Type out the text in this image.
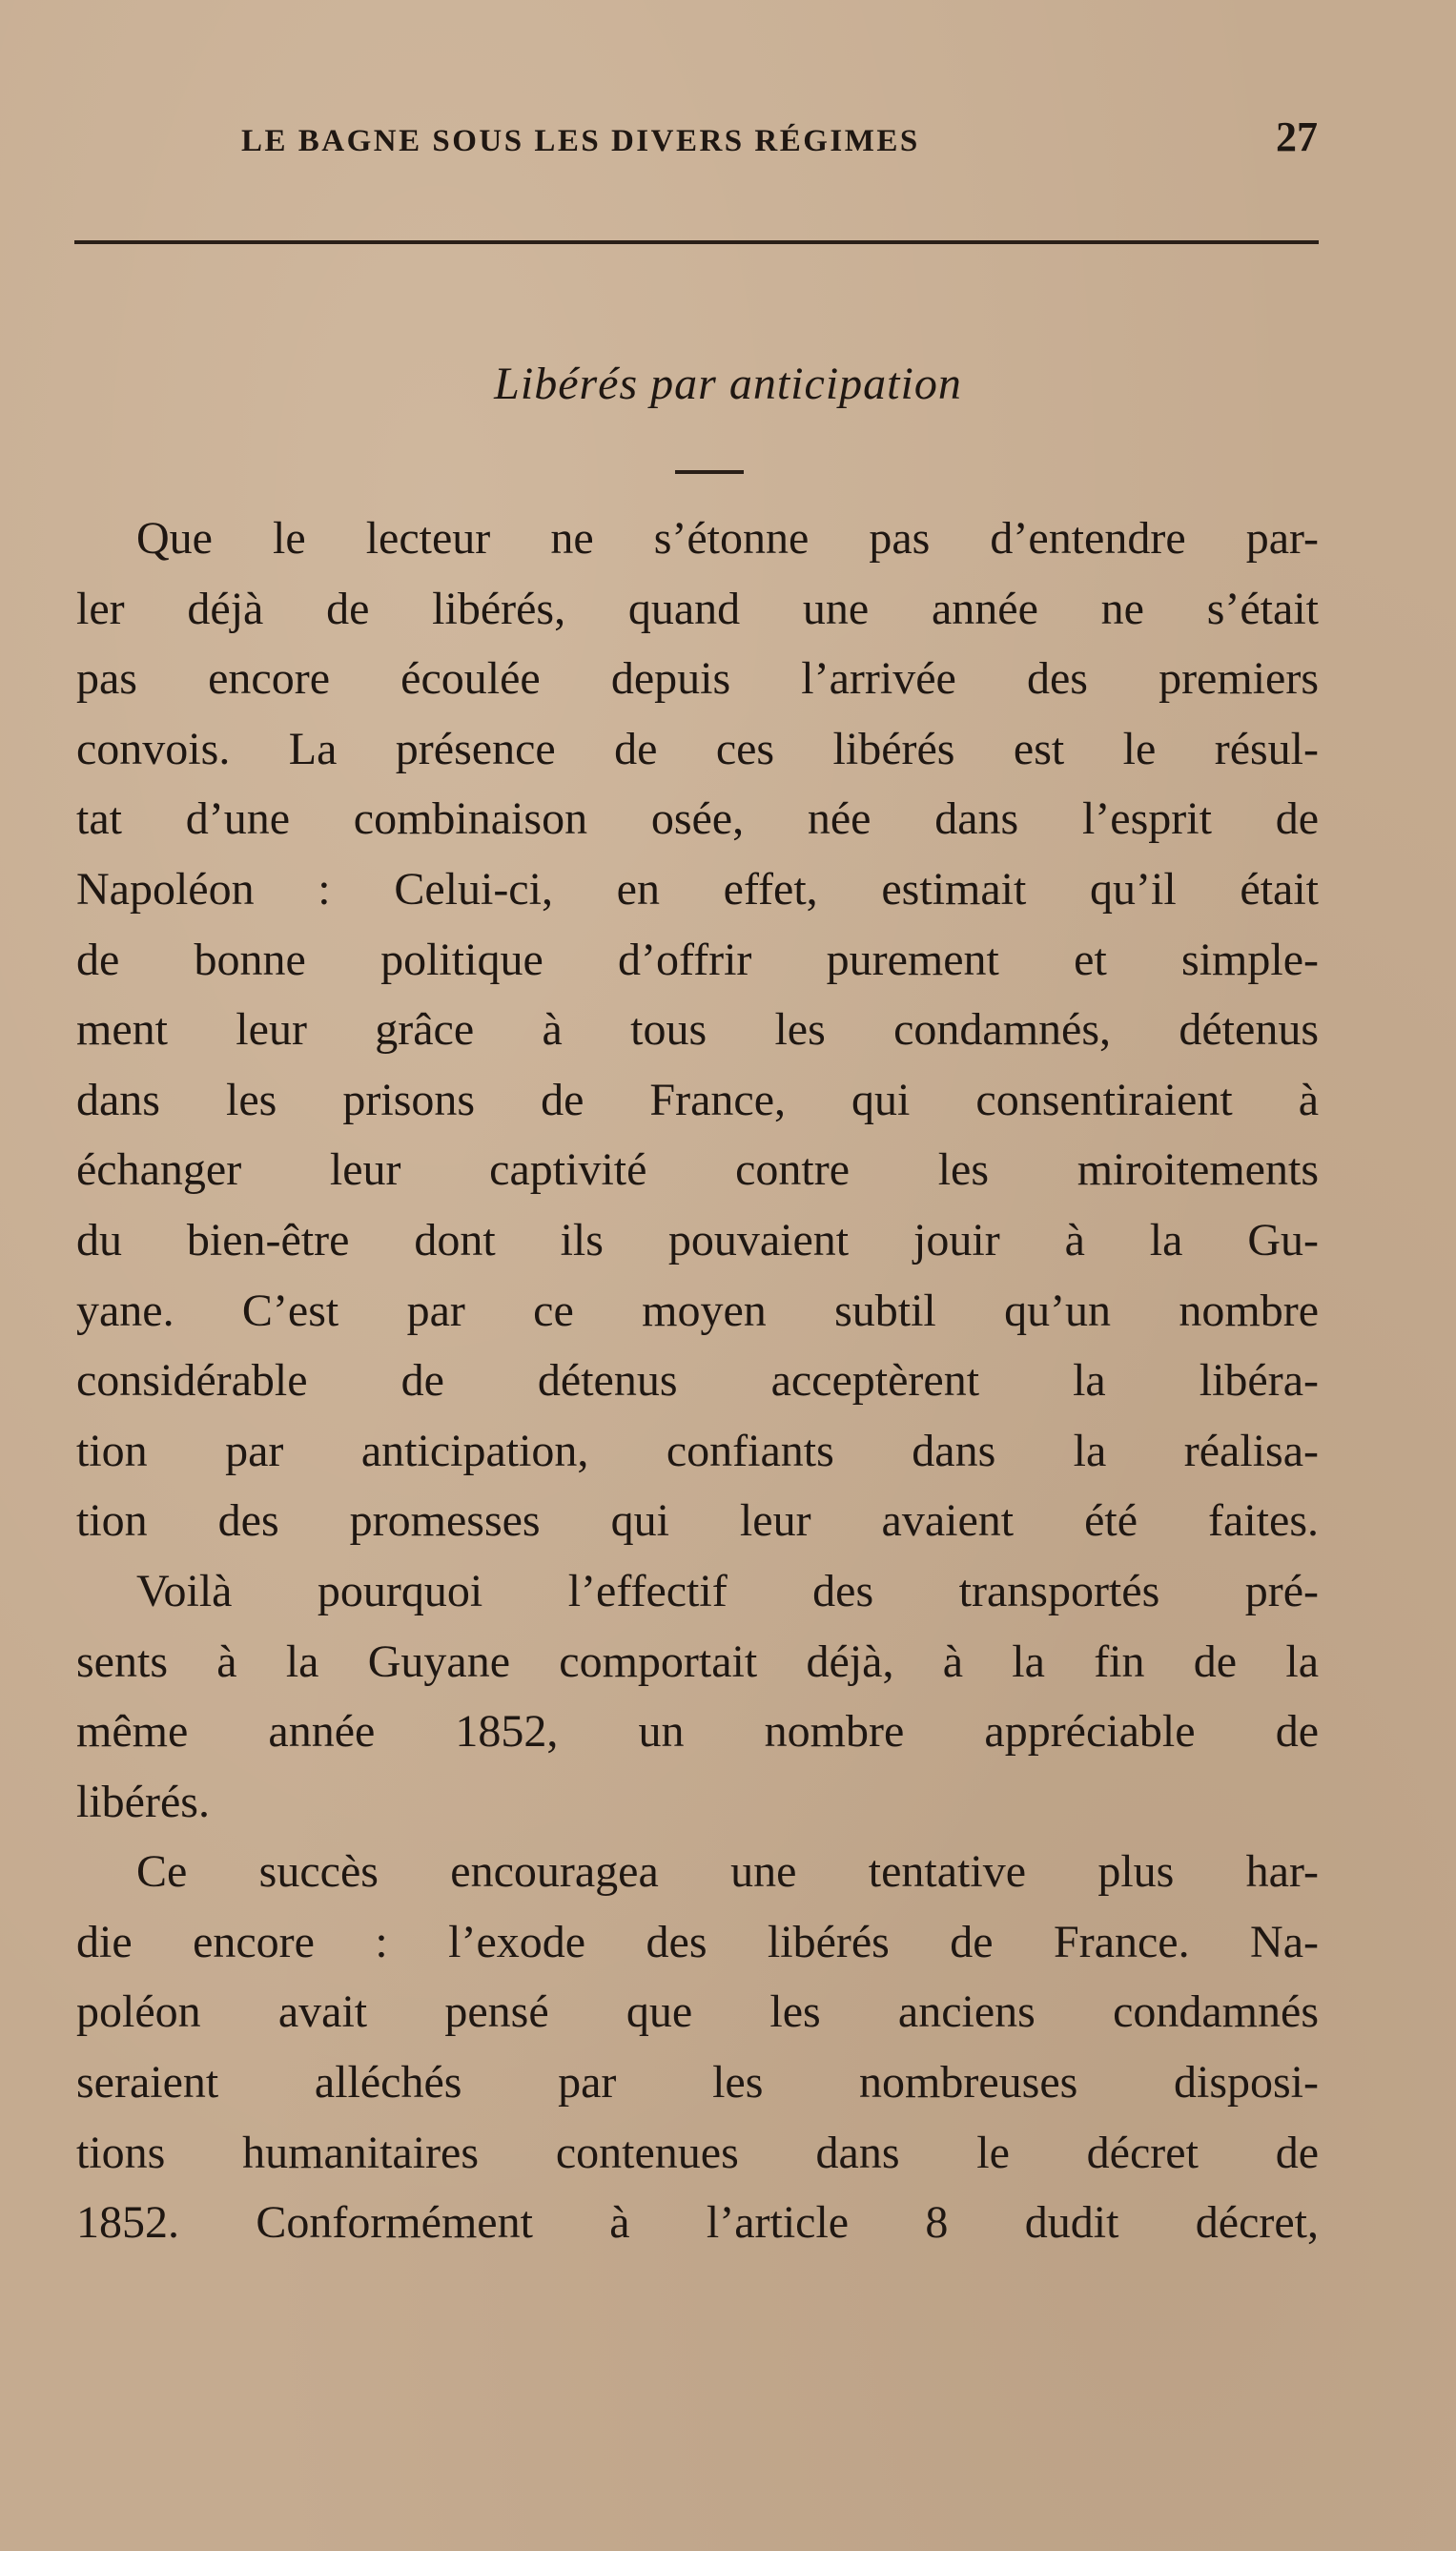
LE BAGNE SOUS LES DIVERS RÉGIMES	27
Libérés par anticipation
Que le lecteur ne s’étonne pas d’entendre par-
ler déjà de libérés, quand une année ne s’était
pas encore écoulée depuis l’arrivée des premiers
convois. La présence de ces libérés est le résul-
tat d’une combinaison osée, née dans l’esprit de
Napoléon : Celui-ci, en effet, estimait qu’il était
de bonne politique d’offrir purement et simple-
ment leur grâce à tous les condamnés, détenus
dans les prisons de France, qui consentiraient à
échanger leur captivité contre les miroitements
du bien-être dont ils pouvaient jouir à la Gu-
yane. C’est par ce moyen subtil qu’un nombre
considérable de détenus acceptèrent la libéra-
tion par anticipation, confiants dans la réalisa-
tion des promesses qui leur avaient été faites.
Voilà pourquoi l’effectif des transportés pré-
sents à la Guyane comportait déjà, à la fin de la
même année 1852, un nombre appréciable de
libérés.
Ce succès encouragea une tentative plus har-
die encore : l’exode des libérés de France. Na-
poléon avait pensé que les anciens condamnés
seraient alléchés par les nombreuses disposi-
tions humanitaires contenues dans le décret de
1852. Conformément à l’article 8 dudit décret,
